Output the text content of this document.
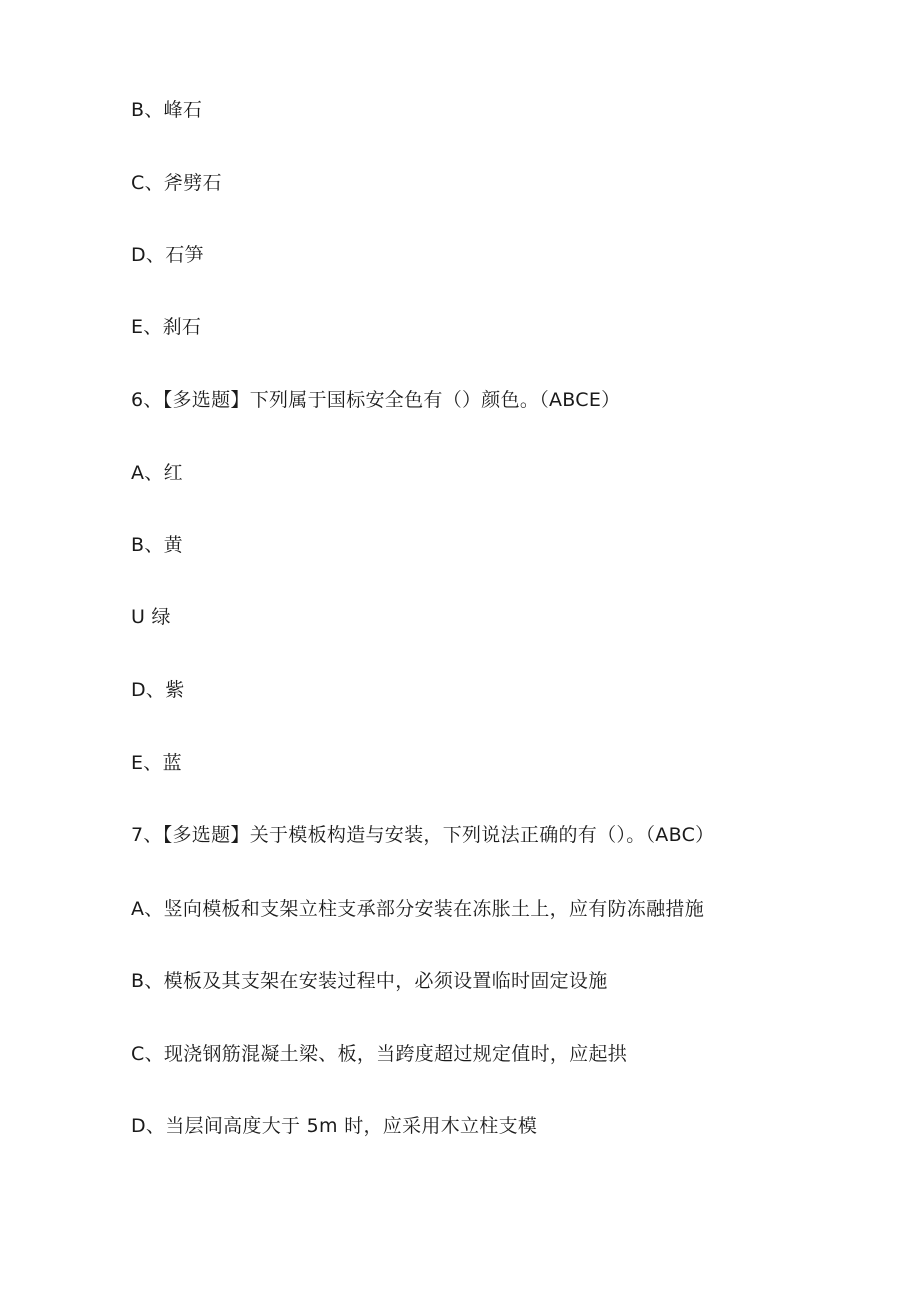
B、峰石
C、斧劈石
D、石笋
E、刹石
6、【多选题】下列属于国标安全色有（）颜色。（ABCE）
A、红
B、黄
U 绿
D、紫
E、蓝
7、【多选题】关于模板构造与安装，下列说法正确的有（）。（ABC）
A、竖向模板和支架立柱支承部分安装在冻胀土上，应有防冻融措施
B、模板及其支架在安装过程中，必须设置临时固定设施
C、现浇钢筋混凝土梁、板，当跨度超过规定值时，应起拱
D、当层间高度大于 5m 时，应采用木立柱支模
